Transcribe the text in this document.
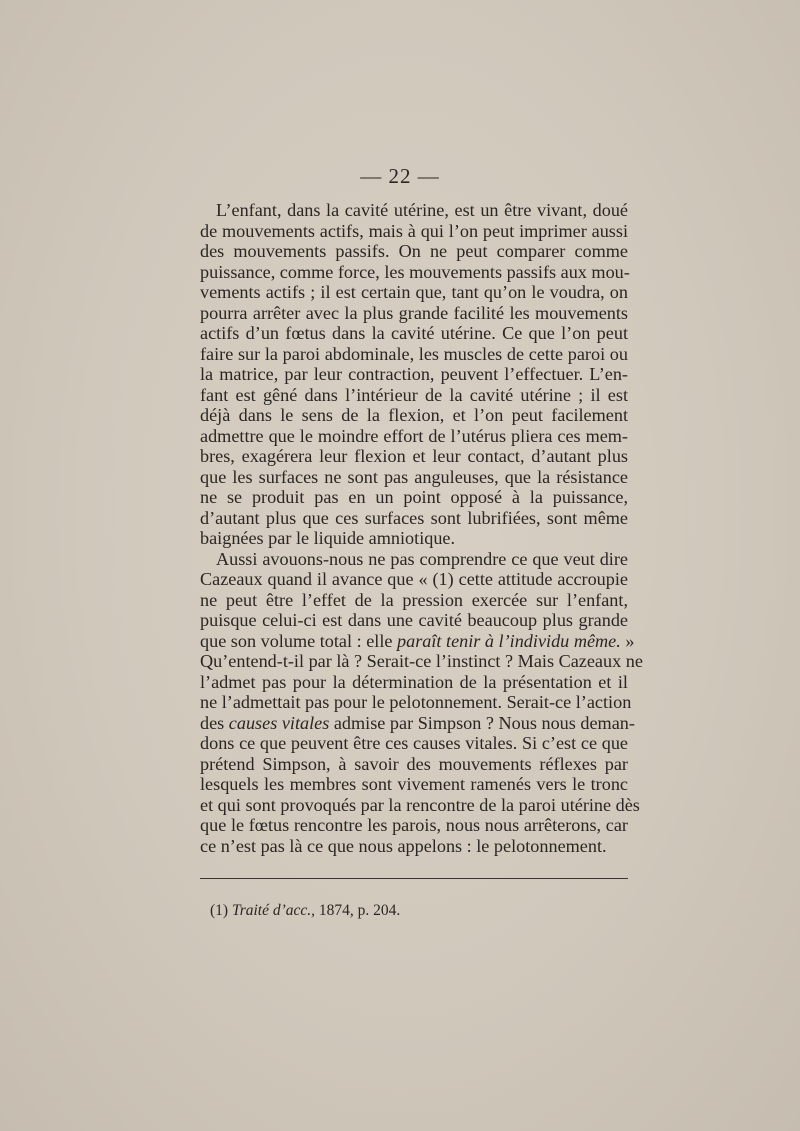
— 22 —
L’enfant, dans la cavité utérine, est un être vivant, doué
de mouvements actifs, mais à qui l’on peut imprimer aussi
des mouvements passifs. On ne peut comparer comme
puissance, comme force, les mouvements passifs aux mou-
vements actifs ; il est certain que, tant qu’on le voudra, on
pourra arrêter avec la plus grande facilité les mouvements
actifs d’un fœtus dans la cavité utérine. Ce que l’on peut
faire sur la paroi abdominale, les muscles de cette paroi ou
la matrice, par leur contraction, peuvent l’effectuer. L’en-
fant est gêné dans l’intérieur de la cavité utérine ; il est
déjà dans le sens de la flexion, et l’on peut facilement
admettre que le moindre effort de l’utérus pliera ces mem-
bres, exagérera leur flexion et leur contact, d’autant plus
que les surfaces ne sont pas anguleuses, que la résistance
ne se produit pas en un point opposé à la puissance,
d’autant plus que ces surfaces sont lubrifiées, sont même
baignées par le liquide amniotique.
Aussi avouons-nous ne pas comprendre ce que veut dire
Cazeaux quand il avance que « (1) cette attitude accroupie
ne peut être l’effet de la pression exercée sur l’enfant,
puisque celui-ci est dans une cavité beaucoup plus grande
que son volume total : elle paraît tenir à l’individu même. »
Qu’entend-t-il par là ? Serait-ce l’instinct ? Mais Cazeaux ne
l’admet pas pour la détermination de la présentation et il
ne l’admettait pas pour le pelotonnement. Serait-ce l’action
des causes vitales admise par Simpson ? Nous nous deman-
dons ce que peuvent être ces causes vitales. Si c’est ce que
prétend Simpson, à savoir des mouvements réflexes par
lesquels les membres sont vivement ramenés vers le tronc
et qui sont provoqués par la rencontre de la paroi utérine dès
que le fœtus rencontre les parois, nous nous arrêterons, car
ce n’est pas là ce que nous appelons : le pelotonnement.
(1) Traité d’acc., 1874, p. 204.
